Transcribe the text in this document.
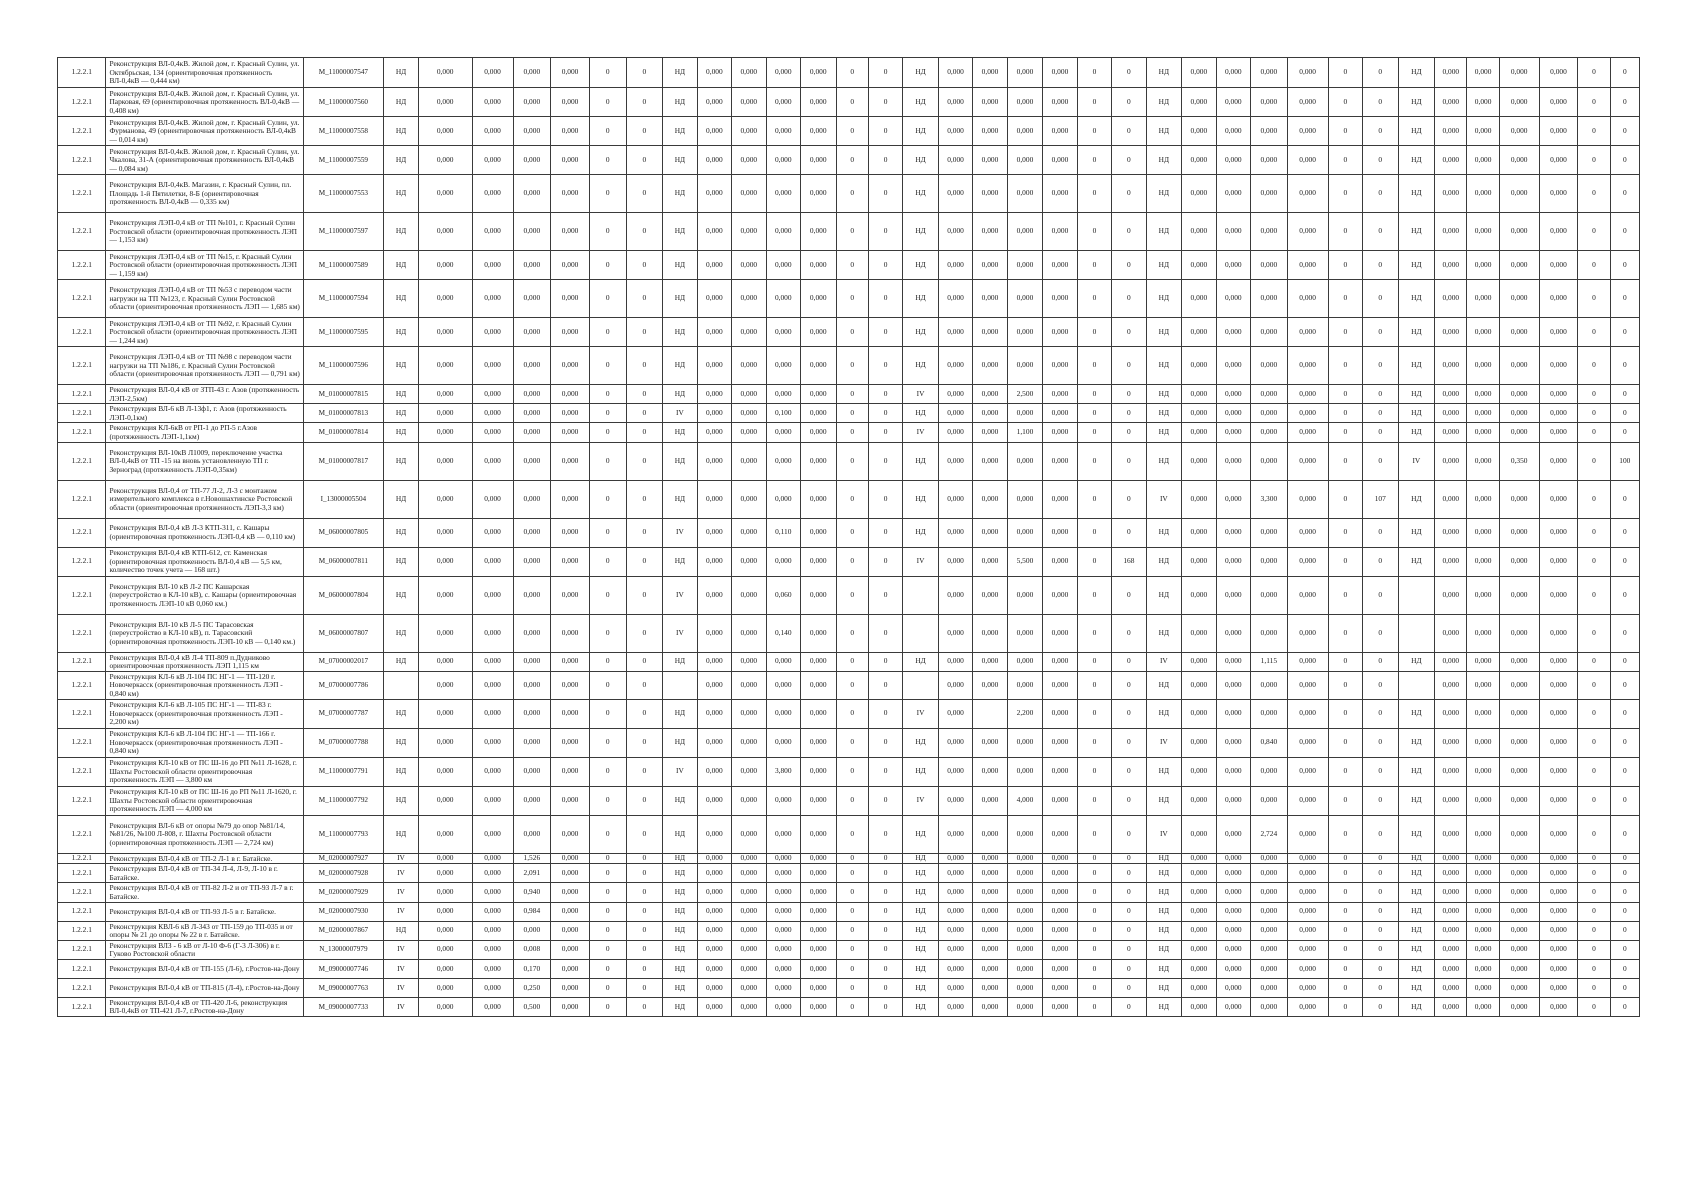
1.2.2.1	Реконструкция ВЛ-0,4кВ. Жилой дом, г. Красный Сулин, ул. Октябрьская, 134 (ориентировочная протяженность ВЛ-0,4кВ — 0,444 км)	M_11000007547	НД	0,000	0,000	0,000	0,000	0	0	НД	0,000	0,000	0,000	0,000	0	0	НД	0,000	0,000	0,000	0,000	0	0	НД	0,000	0,000	0,000	0,000	0	0	НД	0,000	0,000	0,000	0,000	0	0
1.2.2.1	Реконструкция ВЛ-0,4кВ. Жилой дом, г. Красный Сулин, ул. Парковая, 69 (ориентировочная протяженность ВЛ-0,4кВ — 0,408 км)	M_11000007560	НД	0,000	0,000	0,000	0,000	0	0	НД	0,000	0,000	0,000	0,000	0	0	НД	0,000	0,000	0,000	0,000	0	0	НД	0,000	0,000	0,000	0,000	0	0	НД	0,000	0,000	0,000	0,000	0	0
1.2.2.1	Реконструкция ВЛ-0,4кВ. Жилой дом, г. Красный Сулин, ул. Фурманова, 49 (ориентировочная протяженность ВЛ-0,4кВ — 0,014 км)	M_11000007558	НД	0,000	0,000	0,000	0,000	0	0	НД	0,000	0,000	0,000	0,000	0	0	НД	0,000	0,000	0,000	0,000	0	0	НД	0,000	0,000	0,000	0,000	0	0	НД	0,000	0,000	0,000	0,000	0	0
1.2.2.1	Реконструкция ВЛ-0,4кВ. Жилой дом, г. Красный Сулин, ул. Чкалова, 31-А (ориентировочная протяженность ВЛ-0,4кВ — 0,084 км)	M_11000007559	НД	0,000	0,000	0,000	0,000	0	0	НД	0,000	0,000	0,000	0,000	0	0	НД	0,000	0,000	0,000	0,000	0	0	НД	0,000	0,000	0,000	0,000	0	0	НД	0,000	0,000	0,000	0,000	0	0
1.2.2.1	Реконструкция ВЛ-0,4кВ. Магазин, г. Красный Сулин, пл. Площадь 1-й Пятилетки, 8-Б (ориентировочная протяженность ВЛ-0,4кВ — 0,335 км)	M_11000007553	НД	0,000	0,000	0,000	0,000	0	0	НД	0,000	0,000	0,000	0,000	0	0	НД	0,000	0,000	0,000	0,000	0	0	НД	0,000	0,000	0,000	0,000	0	0	НД	0,000	0,000	0,000	0,000	0	0
1.2.2.1	Реконструкция ЛЭП-0,4 кВ от ТП №101, г. Красный Сулин Ростовской области (ориентировочная протяженность ЛЭП — 1,153 км)	M_11000007597	НД	0,000	0,000	0,000	0,000	0	0	НД	0,000	0,000	0,000	0,000	0	0	НД	0,000	0,000	0,000	0,000	0	0	НД	0,000	0,000	0,000	0,000	0	0	НД	0,000	0,000	0,000	0,000	0	0
1.2.2.1	Реконструкция ЛЭП-0,4 кВ от ТП №15, г. Красный Сулин Ростовской области (ориентировочная протяженность ЛЭП — 1,159 км)	M_11000007589	НД	0,000	0,000	0,000	0,000	0	0	НД	0,000	0,000	0,000	0,000	0	0	НД	0,000	0,000	0,000	0,000	0	0	НД	0,000	0,000	0,000	0,000	0	0	НД	0,000	0,000	0,000	0,000	0	0
1.2.2.1	Реконструкция ЛЭП-0,4 кВ от ТП №53 с переводом части нагрузки на ТП №123, г. Красный Сулин Ростовской области (ориентировочная протяженность ЛЭП — 1,685 км)	M_11000007594	НД	0,000	0,000	0,000	0,000	0	0	НД	0,000	0,000	0,000	0,000	0	0	НД	0,000	0,000	0,000	0,000	0	0	НД	0,000	0,000	0,000	0,000	0	0	НД	0,000	0,000	0,000	0,000	0	0
1.2.2.1	Реконструкция ЛЭП-0,4 кВ от ТП №92, г. Красный Сулин Ростовской области (ориентировочная протяженность ЛЭП — 1,244 км)	M_11000007595	НД	0,000	0,000	0,000	0,000	0	0	НД	0,000	0,000	0,000	0,000	0	0	НД	0,000	0,000	0,000	0,000	0	0	НД	0,000	0,000	0,000	0,000	0	0	НД	0,000	0,000	0,000	0,000	0	0
1.2.2.1	Реконструкция ЛЭП-0,4 кВ от ТП №98 с переводом части нагрузки на ТП №186, г. Красный Сулин Ростовской области (ориентировочная протяженность ЛЭП — 0,791 км)	M_11000007596	НД	0,000	0,000	0,000	0,000	0	0	НД	0,000	0,000	0,000	0,000	0	0	НД	0,000	0,000	0,000	0,000	0	0	НД	0,000	0,000	0,000	0,000	0	0	НД	0,000	0,000	0,000	0,000	0	0
1.2.2.1	Реконструкция ВЛ-0,4 кВ от ЗТП-43 г. Азов (протяженность ЛЭП-2,5км)	M_01000007815	НД	0,000	0,000	0,000	0,000	0	0	НД	0,000	0,000	0,000	0,000	0	0	IV	0,000	0,000	2,500	0,000	0	0	НД	0,000	0,000	0,000	0,000	0	0	НД	0,000	0,000	0,000	0,000	0	0
1.2.2.1	Реконструкция ВЛ-6 кВ Л-13ф1, г. Азов (протяженность ЛЭП-0,1км)	M_01000007813	НД	0,000	0,000	0,000	0,000	0	0	IV	0,000	0,000	0,100	0,000	0	0	НД	0,000	0,000	0,000	0,000	0	0	НД	0,000	0,000	0,000	0,000	0	0	НД	0,000	0,000	0,000	0,000	0	0
1.2.2.1	Реконструкция КЛ-6кВ от РП-1 до РП-5 г.Азов (протяженность ЛЭП-1,1км)	M_01000007814	НД	0,000	0,000	0,000	0,000	0	0	НД	0,000	0,000	0,000	0,000	0	0	IV	0,000	0,000	1,100	0,000	0	0	НД	0,000	0,000	0,000	0,000	0	0	НД	0,000	0,000	0,000	0,000	0	0
1.2.2.1	Реконструкция ВЛ-10кВ Л1009, переключение участка ВЛ-0,4кВ от ТП -15 на вновь установленную ТП г. Зерноград (протяженность ЛЭП-0,35км)	M_01000007817	НД	0,000	0,000	0,000	0,000	0	0	НД	0,000	0,000	0,000	0,000	0	0	НД	0,000	0,000	0,000	0,000	0	0	НД	0,000	0,000	0,000	0,000	0	0	IV	0,000	0,000	0,350	0,000	0	100
1.2.2.1	Реконструкция ВЛ-0,4 от ТП-77 Л-2, Л-3 с монтажом измерительного комплекса в г.Новошахтинске Ростовской области (ориентировочная протяженность ЛЭП-3,3 км)	I_13000005504	НД	0,000	0,000	0,000	0,000	0	0	НД	0,000	0,000	0,000	0,000	0	0	НД	0,000	0,000	0,000	0,000	0	0	IV	0,000	0,000	3,300	0,000	0	107	НД	0,000	0,000	0,000	0,000	0	0
1.2.2.1	Реконструкция ВЛ-0,4 кВ Л-3 КТП-311, с. Кашары (ориентировочная протяженность ЛЭП-0,4 кВ — 0,110 км)	M_06000007805	НД	0,000	0,000	0,000	0,000	0	0	IV	0,000	0,000	0,110	0,000	0	0	НД	0,000	0,000	0,000	0,000	0	0	НД	0,000	0,000	0,000	0,000	0	0	НД	0,000	0,000	0,000	0,000	0	0
1.2.2.1	Реконструкция ВЛ-0,4 кВ КТП-612, ст. Каменская (ориентировочная протяженность ВЛ-0,4 кВ — 5,5 км, количество точек учета — 168 шт.)	M_06000007811	НД	0,000	0,000	0,000	0,000	0	0	НД	0,000	0,000	0,000	0,000	0	0	IV	0,000	0,000	5,500	0,000	0	168	НД	0,000	0,000	0,000	0,000	0	0	НД	0,000	0,000	0,000	0,000	0	0
1.2.2.1	Реконструкция ВЛ-10 кВ Л-2 ПС Кашарская (переустройство в КЛ-10 кВ), с. Кашары (ориентировочная протяженность ЛЭП-10 кВ 0,060 км.)	M_06000007804	НД	0,000	0,000	0,000	0,000	0	0	IV	0,000	0,000	0,060	0,000	0	0		0,000	0,000	0,000	0,000	0	0	НД	0,000	0,000	0,000	0,000	0	0		0,000	0,000	0,000	0,000	0	0
1.2.2.1	Реконструкция ВЛ-10 кВ Л-5 ПС Тарасовская (переустройство в КЛ-10 кВ), п. Тарасовский (ориентировочная протяженность ЛЭП-10 кВ — 0,140 км.)	M_06000007807	НД	0,000	0,000	0,000	0,000	0	0	IV	0,000	0,000	0,140	0,000	0	0		0,000	0,000	0,000	0,000	0	0	НД	0,000	0,000	0,000	0,000	0	0		0,000	0,000	0,000	0,000	0	0
1.2.2.1	Реконструкция ВЛ-0,4 кВ Л-4 ТП-809 п.Дудниково ориентировочная протяженность ЛЭП 1,115 км	M_07000002017	НД	0,000	0,000	0,000	0,000	0	0	НД	0,000	0,000	0,000	0,000	0	0	НД	0,000	0,000	0,000	0,000	0	0	IV	0,000	0,000	1,115	0,000	0	0	НД	0,000	0,000	0,000	0,000	0	0
1.2.2.1	Реконструкция КЛ-6 кВ Л-104 ПС НГ-1 — ТП-120 г. Новочеркасск (ориентировочная протяженность ЛЭП - 0,840 км)	M_07000007786		0,000	0,000	0,000	0,000	0	0		0,000	0,000	0,000	0,000	0	0		0,000	0,000	0,000	0,000	0	0	НД	0,000	0,000	0,000	0,000	0	0		0,000	0,000	0,000	0,000	0	0
1.2.2.1	Реконструкция КЛ-6 кВ Л-105 ПС НГ-1 — ТП-83 г. Новочеркасск (ориентировочная протяженность ЛЭП - 2,200 км)	M_07000007787	НД	0,000	0,000	0,000	0,000	0	0	НД	0,000	0,000	0,000	0,000	0	0	IV	0,000		2,200	0,000	0	0	НД	0,000	0,000	0,000	0,000	0	0	НД	0,000	0,000	0,000	0,000	0	0
1.2.2.1	Реконструкция КЛ-6 кВ Л-104 ПС НГ-1 — ТП-166 г. Новочеркасск (ориентировочная протяженность ЛЭП - 0,840 км)	M_07000007788	НД	0,000	0,000	0,000	0,000	0	0	НД	0,000	0,000	0,000	0,000	0	0	НД	0,000	0,000	0,000	0,000	0	0	IV	0,000	0,000	0,840	0,000	0	0	НД	0,000	0,000	0,000	0,000	0	0
1.2.2.1	Реконструкция КЛ-10 кВ от ПС Ш-16 до РП №11 Л-1628, г. Шахты Ростовской области ориентировочная протяженность ЛЭП — 3,800 км	M_11000007791	НД	0,000	0,000	0,000	0,000	0	0	IV	0,000	0,000	3,800	0,000	0	0	НД	0,000	0,000	0,000	0,000	0	0	НД	0,000	0,000	0,000	0,000	0	0	НД	0,000	0,000	0,000	0,000	0	0
1.2.2.1	Реконструкция КЛ-10 кВ от ПС Ш-16 до РП №11 Л-1620, г. Шахты Ростовской области ориентировочная протяженность ЛЭП — 4,000 км	M_11000007792	НД	0,000	0,000	0,000	0,000	0	0	НД	0,000	0,000	0,000	0,000	0	0	IV	0,000	0,000	4,000	0,000	0	0	НД	0,000	0,000	0,000	0,000	0	0	НД	0,000	0,000	0,000	0,000	0	0
1.2.2.1	Реконструкция ВЛ-6 кВ от опоры №79 до опор №81/14, №81/26, №100 Л-808, г. Шахты Ростовской области (ориентировочная протяженность ЛЭП — 2,724 км)	M_11000007793	НД	0,000	0,000	0,000	0,000	0	0	НД	0,000	0,000	0,000	0,000	0	0	НД	0,000	0,000	0,000	0,000	0	0	IV	0,000	0,000	2,724	0,000	0	0	НД	0,000	0,000	0,000	0,000	0	0
1.2.2.1	Реконструкция ВЛ-0,4 кВ от ТП-2 Л-1 в г. Батайске.	M_02000007927	IV	0,000	0,000	1,526	0,000	0	0	НД	0,000	0,000	0,000	0,000	0	0	НД	0,000	0,000	0,000	0,000	0	0	НД	0,000	0,000	0,000	0,000	0	0	НД	0,000	0,000	0,000	0,000	0	0
1.2.2.1	Реконструкция ВЛ-0,4 кВ от ТП-34 Л-4, Л-9, Л-10 в г. Батайске.	M_02000007928	IV	0,000	0,000	2,091	0,000	0	0	НД	0,000	0,000	0,000	0,000	0	0	НД	0,000	0,000	0,000	0,000	0	0	НД	0,000	0,000	0,000	0,000	0	0	НД	0,000	0,000	0,000	0,000	0	0
1.2.2.1	Реконструкция ВЛ-0,4 кВ от ТП-82 Л-2 и от ТП-93 Л-7 в г. Батайске.	M_02000007929	IV	0,000	0,000	0,940	0,000	0	0	НД	0,000	0,000	0,000	0,000	0	0	НД	0,000	0,000	0,000	0,000	0	0	НД	0,000	0,000	0,000	0,000	0	0	НД	0,000	0,000	0,000	0,000	0	0
1.2.2.1	Реконструкция ВЛ-0,4 кВ от ТП-93 Л-5 в г. Батайске.	M_02000007930	IV	0,000	0,000	0,984	0,000	0	0	НД	0,000	0,000	0,000	0,000	0	0	НД	0,000	0,000	0,000	0,000	0	0	НД	0,000	0,000	0,000	0,000	0	0	НД	0,000	0,000	0,000	0,000	0	0
1.2.2.1	Реконструкция КВЛ-6 кВ Л-343 от ТП-159 до ТП-035 и от опоры № 21 до опоры № 22 в г. Батайске.	M_02000007867	НД	0,000	0,000	0,000	0,000	0	0	НД	0,000	0,000	0,000	0,000	0	0	НД	0,000	0,000	0,000	0,000	0	0	НД	0,000	0,000	0,000	0,000	0	0	НД	0,000	0,000	0,000	0,000	0	0
1.2.2.1	Реконструкция ВЛЗ - 6 кВ от Л-10 Ф-6 (Г-3 Л-306) в г. Гуково Ростовской области	N_13000007979	IV	0,000	0,000	0,008	0,000	0	0	НД	0,000	0,000	0,000	0,000	0	0	НД	0,000	0,000	0,000	0,000	0	0	НД	0,000	0,000	0,000	0,000	0	0	НД	0,000	0,000	0,000	0,000	0	0
1.2.2.1	Реконструкция ВЛ-0,4 кВ от ТП-155 (Л-6), г.Ростов-на-Дону	M_09000007746	IV	0,000	0,000	0,170	0,000	0	0	НД	0,000	0,000	0,000	0,000	0	0	НД	0,000	0,000	0,000	0,000	0	0	НД	0,000	0,000	0,000	0,000	0	0	НД	0,000	0,000	0,000	0,000	0	0
1.2.2.1	Реконструкция ВЛ-0,4 кВ от ТП-815 (Л-4), г.Ростов-на-Дону	M_09000007763	IV	0,000	0,000	0,250	0,000	0	0	НД	0,000	0,000	0,000	0,000	0	0	НД	0,000	0,000	0,000	0,000	0	0	НД	0,000	0,000	0,000	0,000	0	0	НД	0,000	0,000	0,000	0,000	0	0
1.2.2.1	Реконструкция ВЛ-0,4 кВ от ТП-420 Л-6, реконструкция ВЛ-0,4кВ от ТП-421 Л-7, г.Ростов-на-Дону	M_09000007733	IV	0,000	0,000	0,500	0,000	0	0	НД	0,000	0,000	0,000	0,000	0	0	НД	0,000	0,000	0,000	0,000	0	0	НД	0,000	0,000	0,000	0,000	0	0	НД	0,000	0,000	0,000	0,000	0	0
